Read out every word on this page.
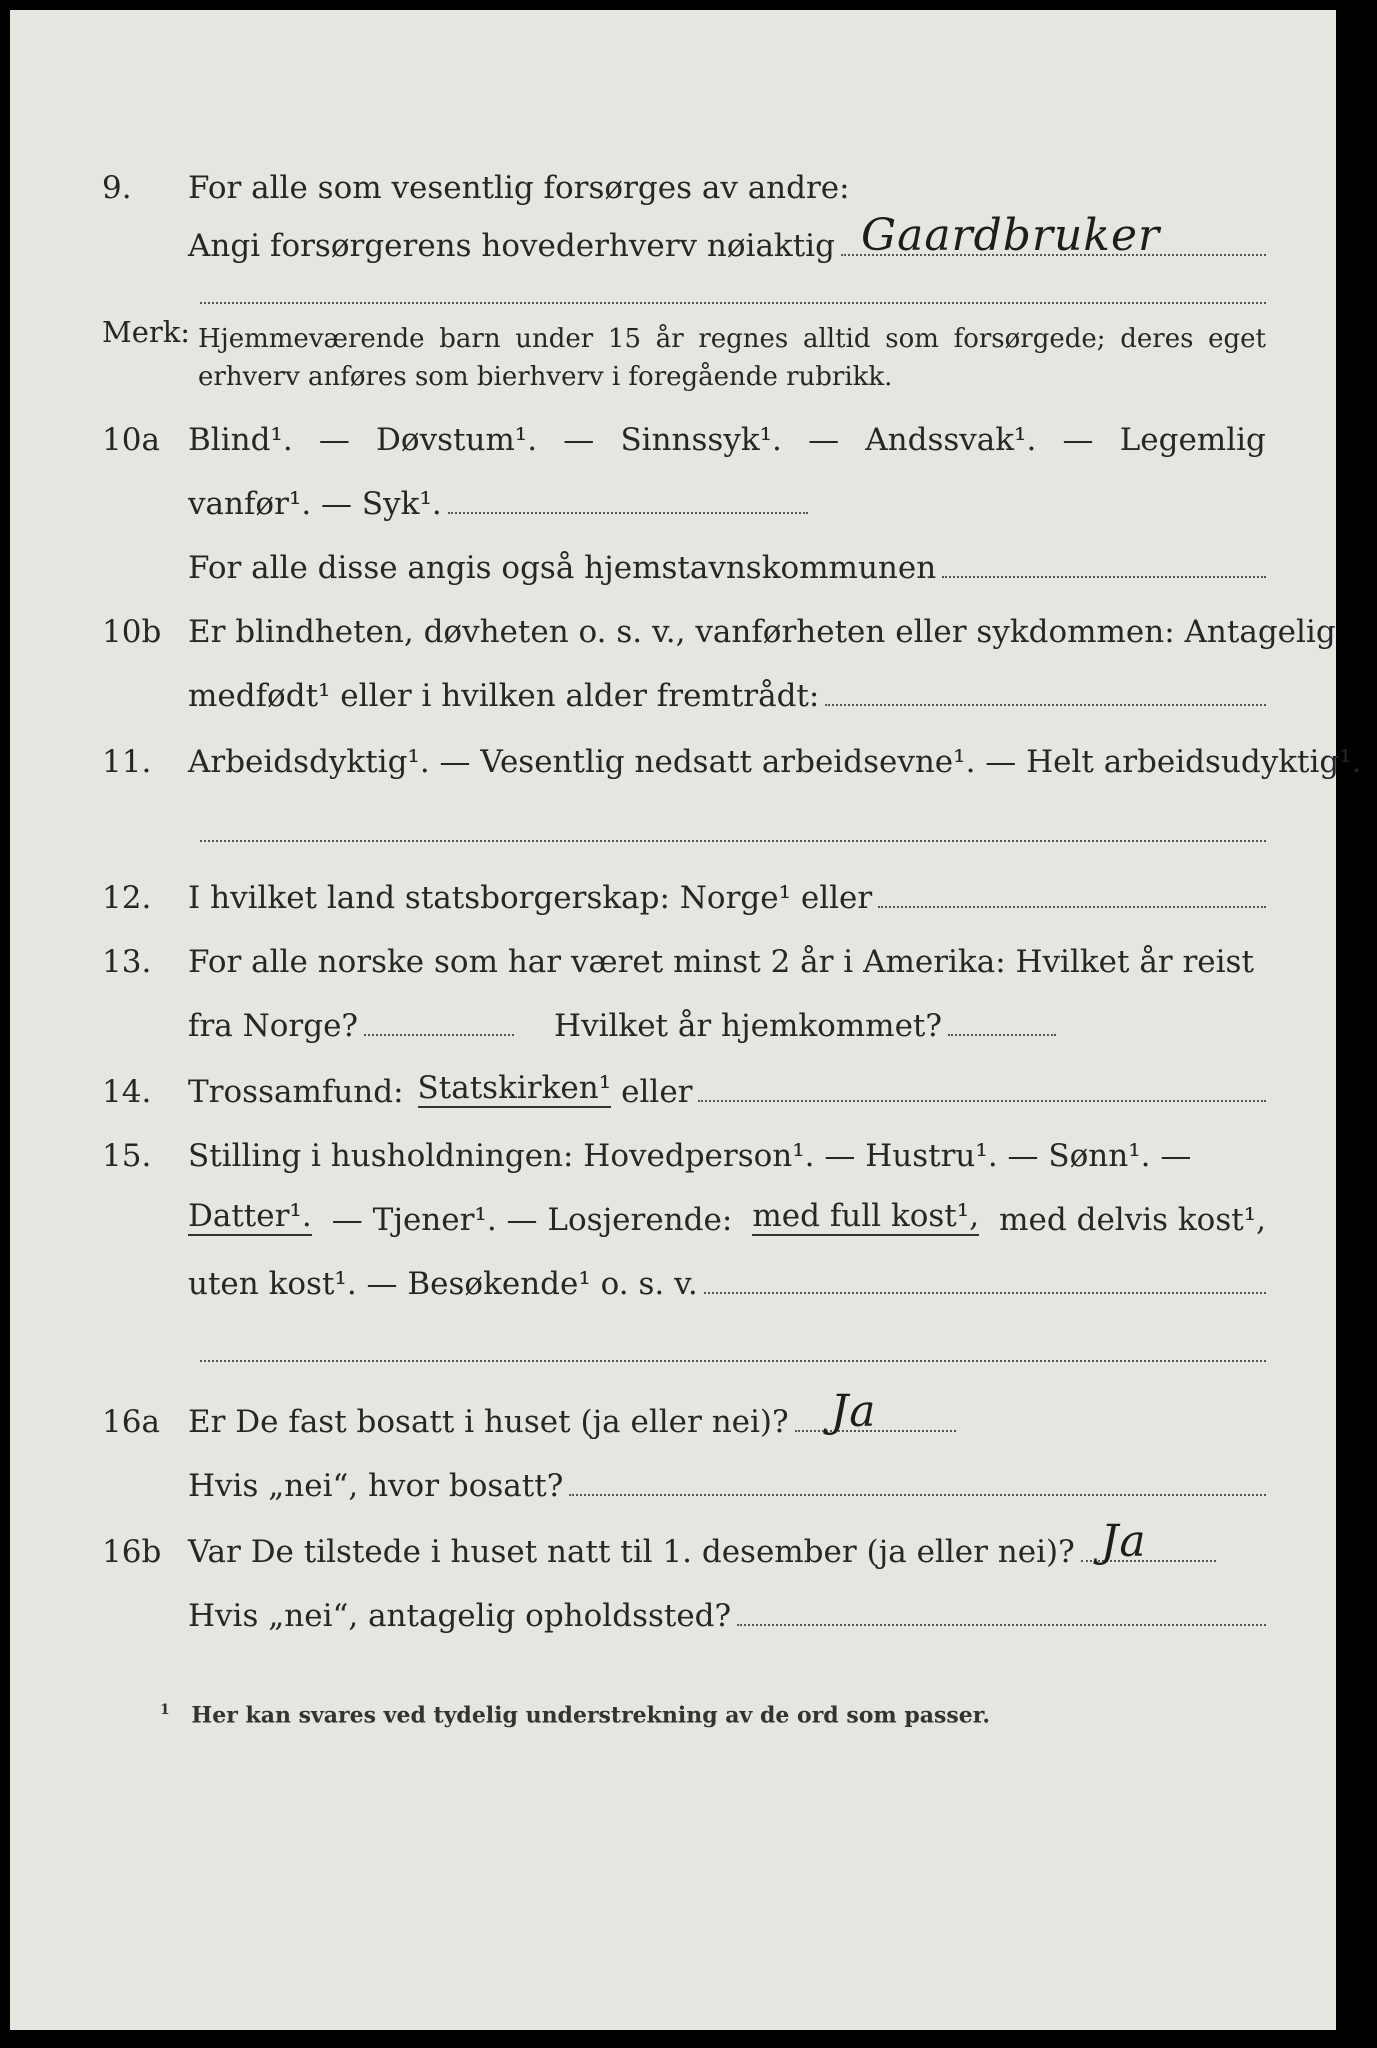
9. For alle som vesentlig forsørges av andre:
Angi forsørgerens hovederhverv nøiaktig Gaardbruker
Merk: Hjemmeværende barn under 15 år regnes alltid som forsørgede; deres eget erhverv anføres som bierhverv i foregående rubrikk.
10a Blind¹. — Døvstum¹. — Sinnssyk¹. — Andssvak¹. — Legemlig
vanfør¹. — Syk¹.
For alle disse angis også hjemstavnskommunen
10b Er blindheten, døvheten o. s. v., vanførheten eller sykdommen: Antagelig
medfødt¹ eller i hvilken alder fremtrådt:
11. Arbeidsdyktig¹. — Vesentlig nedsatt arbeidsevne¹. — Helt arbeidsudyktig¹.
12. I hvilket land statsborgerskap: Norge¹ eller
13. For alle norske som har været minst 2 år i Amerika: Hvilket år reist
fra Norge?	Hvilket år hjemkommet?
14. Trossamfund: Statskirken¹ eller
15. Stilling i husholdningen: Hovedperson¹. — Hustru¹. — Sønn¹. —
Datter¹. — Tjener¹. — Losjerende: med full kost¹, med delvis kost¹,
uten kost¹. — Besøkende¹ o. s. v.
16a Er De fast bosatt i huset (ja eller nei)? Ja
Hvis „nei“, hvor bosatt?
16b Var De tilstede i huset natt til 1. desember (ja eller nei)? Ja
Hvis „nei“, antagelig opholdssted?
$^1$ Her kan svares ved tydelig understrekning av de ord som passer.
